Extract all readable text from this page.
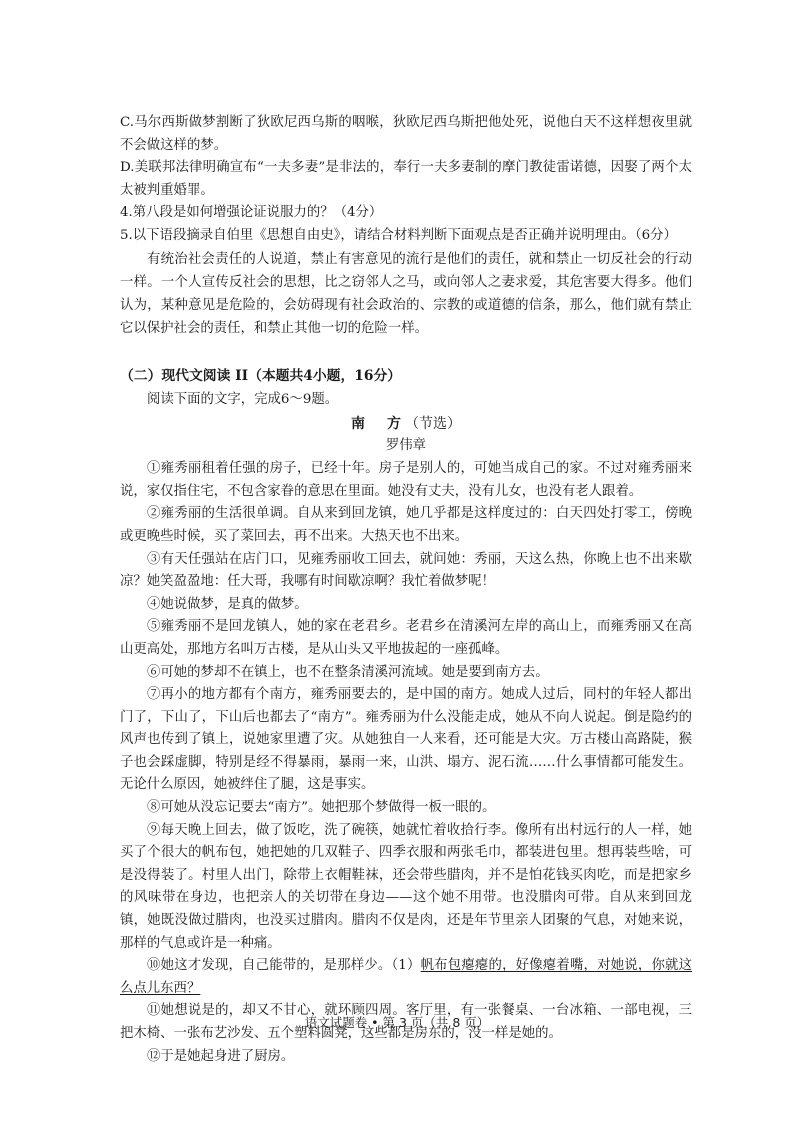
C.马尔西斯做梦割断了狄欧尼西乌斯的咽喉，狄欧尼西乌斯把他处死，说他白天不这样想夜里就不会做这样的梦。

D.美联邦法律明确宣布“一夫多妻”是非法的，奉行一夫多妻制的摩门教徒雷诺德，因娶了两个太太被判重婚罪。

4.第八段是如何增强论证说服力的？（4分）

5.以下语段摘录自伯里《思想自由史》，请结合材料判断下面观点是否正确并说明理由。（6分）

有统治社会责任的人说道，禁止有害意见的流行是他们的责任，就和禁止一切反社会的行动一样。一个人宣传反社会的思想，比之窃邻人之马，或向邻人之妻求爱，其危害要大得多。他们认为，某种意见是危险的，会妨碍现有社会政治的、宗教的或道德的信条，那么，他们就有禁止它以保护社会的责任，和禁止其他一切的危险一样。

（二）现代文阅读 II（本题共4小题，16分）

阅读下面的文字，完成6～9题。

南　方（节选）
罗伟章

①雍秀丽租着任强的房子，已经十年。房子是别人的，可她当成自己的家。不过对雍秀丽来说，家仅指住宅，不包含家眷的意思在里面。她没有丈夫，没有儿女，也没有老人跟着。

②雍秀丽的生活很单调。自从来到回龙镇，她几乎都是这样度过的：白天四处打零工，傍晚或更晚些时候，买了菜回去，再不出来。大热天也不出来。

③有天任强站在店门口，见雍秀丽收工回去，就问她：秀丽，天这么热，你晚上也不出来歇凉？她笑盈盈地：任大哥，我哪有时间歇凉啊？我忙着做梦呢！

④她说做梦，是真的做梦。

⑤雍秀丽不是回龙镇人，她的家在老君乡。老君乡在清溪河左岸的高山上，而雍秀丽又在高山更高处，那地方名叫万古楼，是从山头又平地拔起的一座孤峰。

⑥可她的梦却不在镇上，也不在整条清溪河流域。她是要到南方去。

⑦再小的地方都有个南方，雍秀丽要去的，是中国的南方。她成人过后，同村的年轻人都出门了，下山了，下山后也都去了“南方”。雍秀丽为什么没能走成，她从不向人说起。倒是隐约的风声也传到了镇上，说她家里遭了灾。从她独自一人来看，还可能是大灾。万古楼山高路陡，猴子也会踩虚脚，特别是经不得暴雨，暴雨一来，山洪、塌方、泥石流……什么事情都可能发生。无论什么原因，她被绊住了腿，这是事实。

⑧可她从没忘记要去“南方”。她把那个梦做得一板一眼的。

⑨每天晚上回去，做了饭吃，洗了碗筷，她就忙着收拾行李。像所有出村远行的人一样，她买了个很大的帆布包，她把她的几双鞋子、四季衣服和两张毛巾，都装进包里。想再装些啥，可是没得装了。村里人出门，除带上衣帽鞋袜，还会带些腊肉，并不是怕花钱买肉吃，而是把家乡的风味带在身边，也把亲人的关切带在身边——这个她不用带。也没腊肉可带。自从来到回龙镇，她既没做过腊肉，也没买过腊肉。腊肉不仅是肉，还是年节里亲人团聚的气息，对她来说，那样的气息或许是一种痛。

⑩她这才发现，自己能带的，是那样少。（1）帆布包瘪瘪的，好像瘪着嘴，对她说，你就这么点儿东西？

⑪她想说是的，却又不甘心，就环顾四周。客厅里，有一张餐桌、一台冰箱、一部电视，三把木椅、一张布艺沙发、五个塑料圆凳，这些都是房东的，没一样是她的。

⑫于是她起身进了厨房。

语文试题卷 • 第 3 页（共 8 页）
